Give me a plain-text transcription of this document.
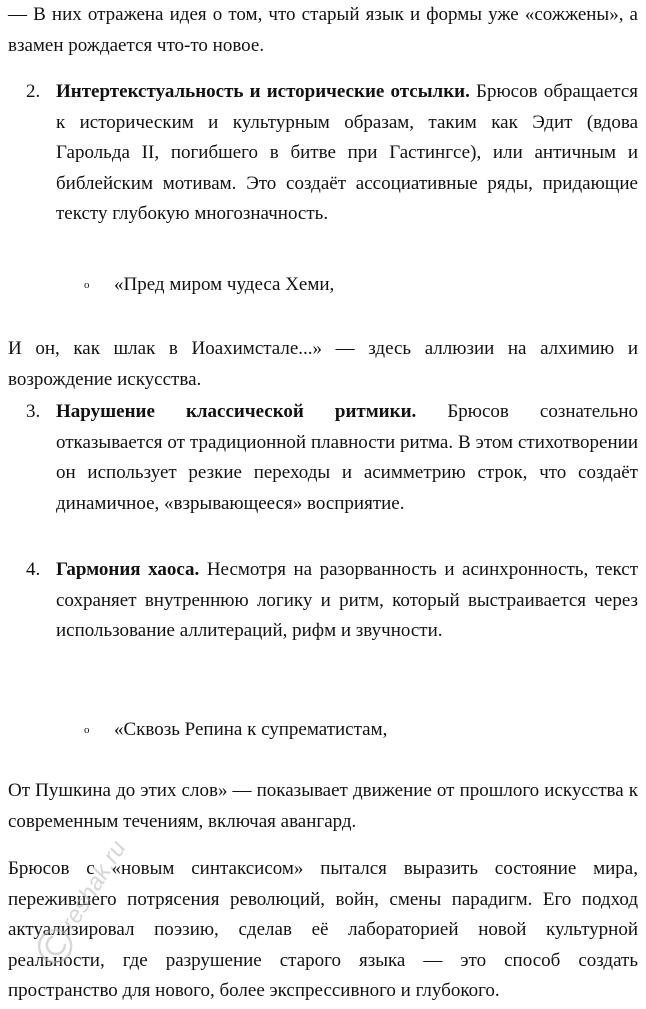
— В них отражена идея о том, что старый язык и формы уже «сожжены», а взамен рождается что-то новое.

2. Интертекстуальность и исторические отсылки. Брюсов обращается к историческим и культурным образам, таким как Эдит (вдова Гарольда II, погибшего в битве при Гастингсе), или античным и библейским мотивам. Это создаёт ассоциативные ряды, придающие тексту глубокую многозначность.
o «Пред миром чудеса Хеми,

И он, как шлак в Иоахимстале...» — здесь аллюзии на алхимию и возрождение искусства.

3. Нарушение классической ритмики. Брюсов сознательно отказывается от традиционной плавности ритма. В этом стихотворении он использует резкие переходы и асимметрию строк, что создаёт динамичное, «взрывающееся» восприятие.
4. Гармония хаоса. Несмотря на разорванность и асинхронность, текст сохраняет внутреннюю логику и ритм, который выстраивается через использование аллитераций, рифм и звучности.
o «Сквозь Репина к супрематистам,

От Пушкина до этих слов» — показывает движение от прошлого искусства к современным течениям, включая авангард.

Брюсов с «новым синтаксисом» пытался выразить состояние мира, пережившего потрясения революций, войн, смены парадигм. Его подход актуализировал поэзию, сделав её лабораторией новой культурной реальности, где разрушение старого языка — это способ создать пространство для нового, более экспрессивного и глубокого.

reshak.ru
